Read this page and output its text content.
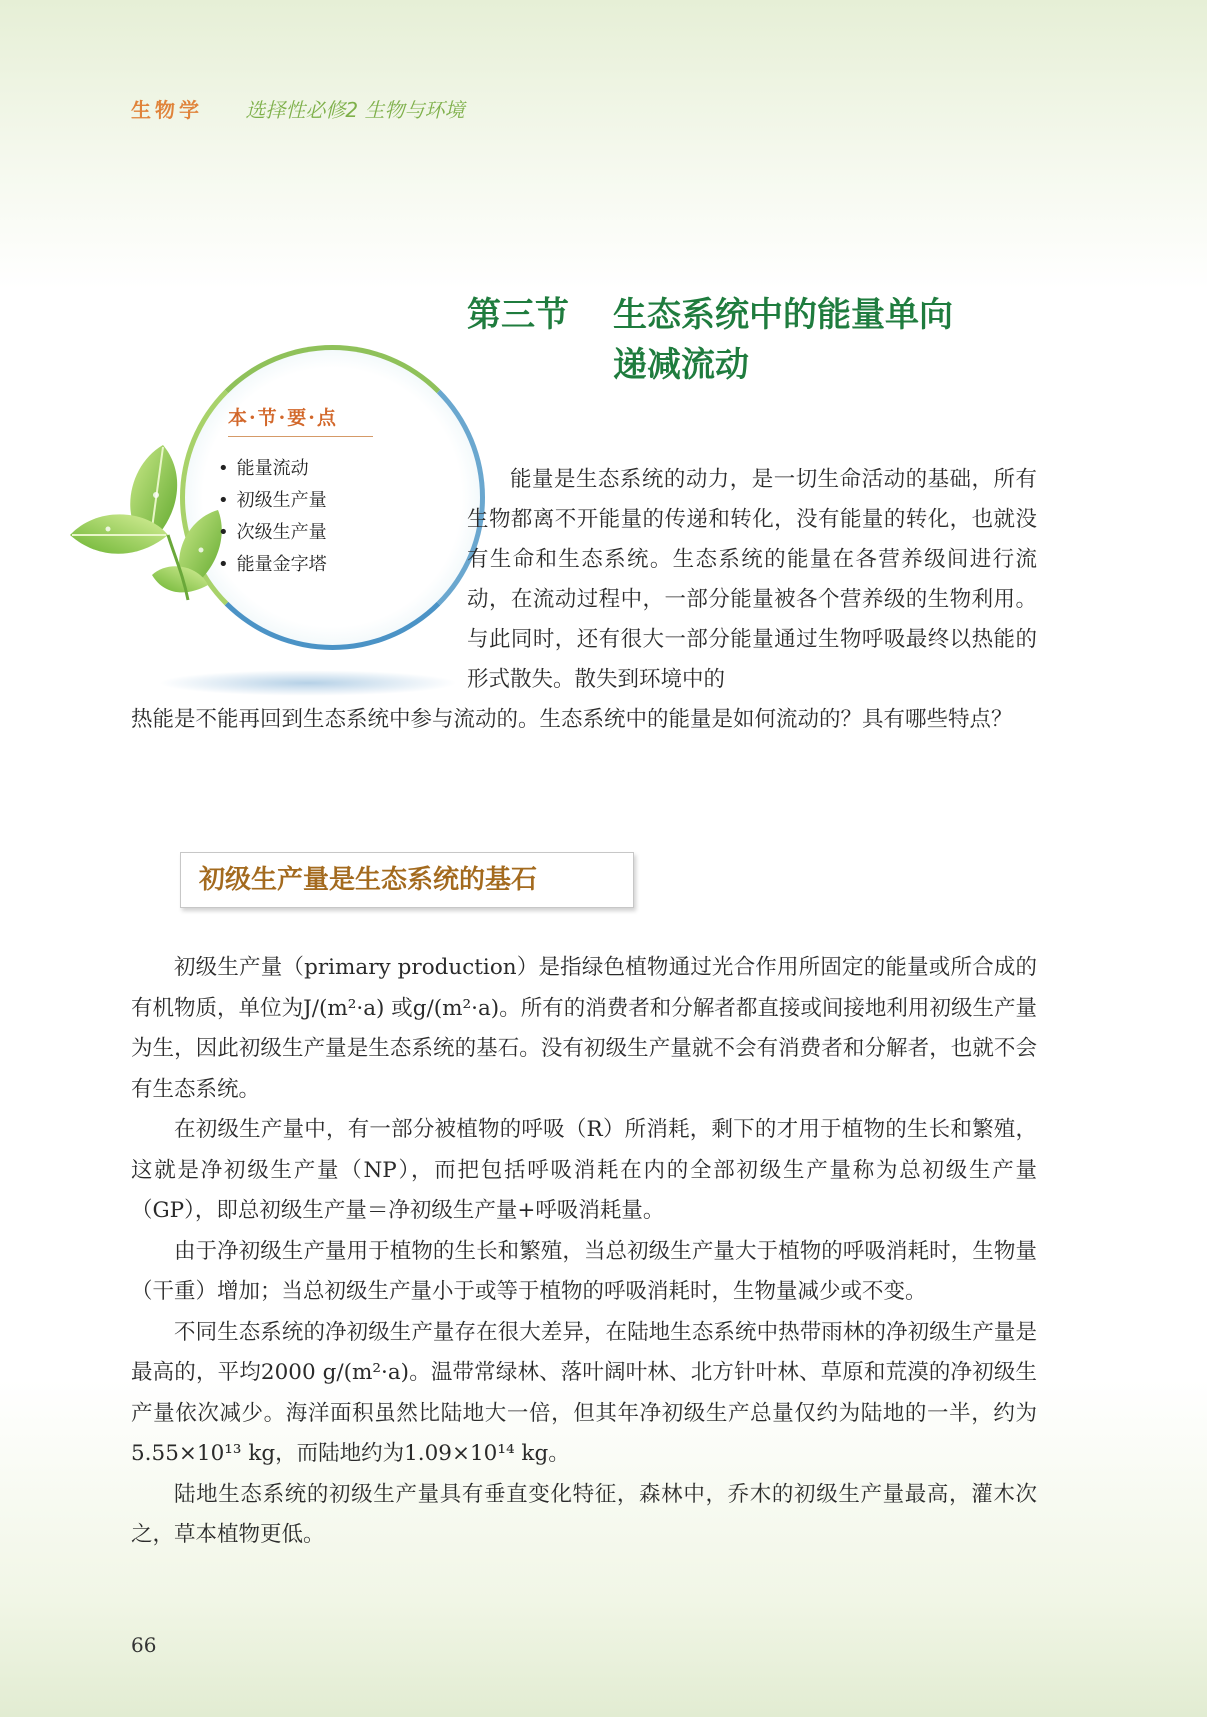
生物学 选择性必修2 生物与环境
第三节 生态系统中的能量单向
递减流动
本·节·要·点
• 能量流动
• 初级生产量
• 次级生产量
• 能量金字塔
能量是生态系统的动力，是一切生命活动的基础，所有生物都离不开能量的传递和转化，没有能量的转化，也就没有生命和生态系统。生态系统的能量在各营养级间进行流动，在流动过程中，一部分能量被各个营养级的生物利用。与此同时，还有很大一部分能量通过生物呼吸最终以热能的形式散失。散失到环境中的
热能是不能再回到生态系统中参与流动的。生态系统中的能量是如何流动的？具有哪些特点？
初级生产量是生态系统的基石

初级生产量（primary production）是指绿色植物通过光合作用所固定的能量或所合成的有机物质，单位为J/(m²·a) 或g/(m²·a)。所有的消费者和分解者都直接或间接地利用初级生产量为生，因此初级生产量是生态系统的基石。没有初级生产量就不会有消费者和分解者，也就不会有生态系统。

在初级生产量中，有一部分被植物的呼吸（R）所消耗，剩下的才用于植物的生长和繁殖，这就是净初级生产量（NP），而把包括呼吸消耗在内的全部初级生产量称为总初级生产量（GP），即总初级生产量＝净初级生产量+呼吸消耗量。

由于净初级生产量用于植物的生长和繁殖，当总初级生产量大于植物的呼吸消耗时，生物量（干重）增加；当总初级生产量小于或等于植物的呼吸消耗时，生物量减少或不变。

不同生态系统的净初级生产量存在很大差异，在陆地生态系统中热带雨林的净初级生产量是最高的，平均2000 g/(m²·a)。温带常绿林、落叶阔叶林、北方针叶林、草原和荒漠的净初级生产量依次减少。海洋面积虽然比陆地大一倍，但其年净初级生产总量仅约为陆地的一半，约为5.55×10¹³ kg，而陆地约为1.09×10¹⁴ kg。

陆地生态系统的初级生产量具有垂直变化特征，森林中，乔木的初级生产量最高，灌木次之，草本植物更低。

66
